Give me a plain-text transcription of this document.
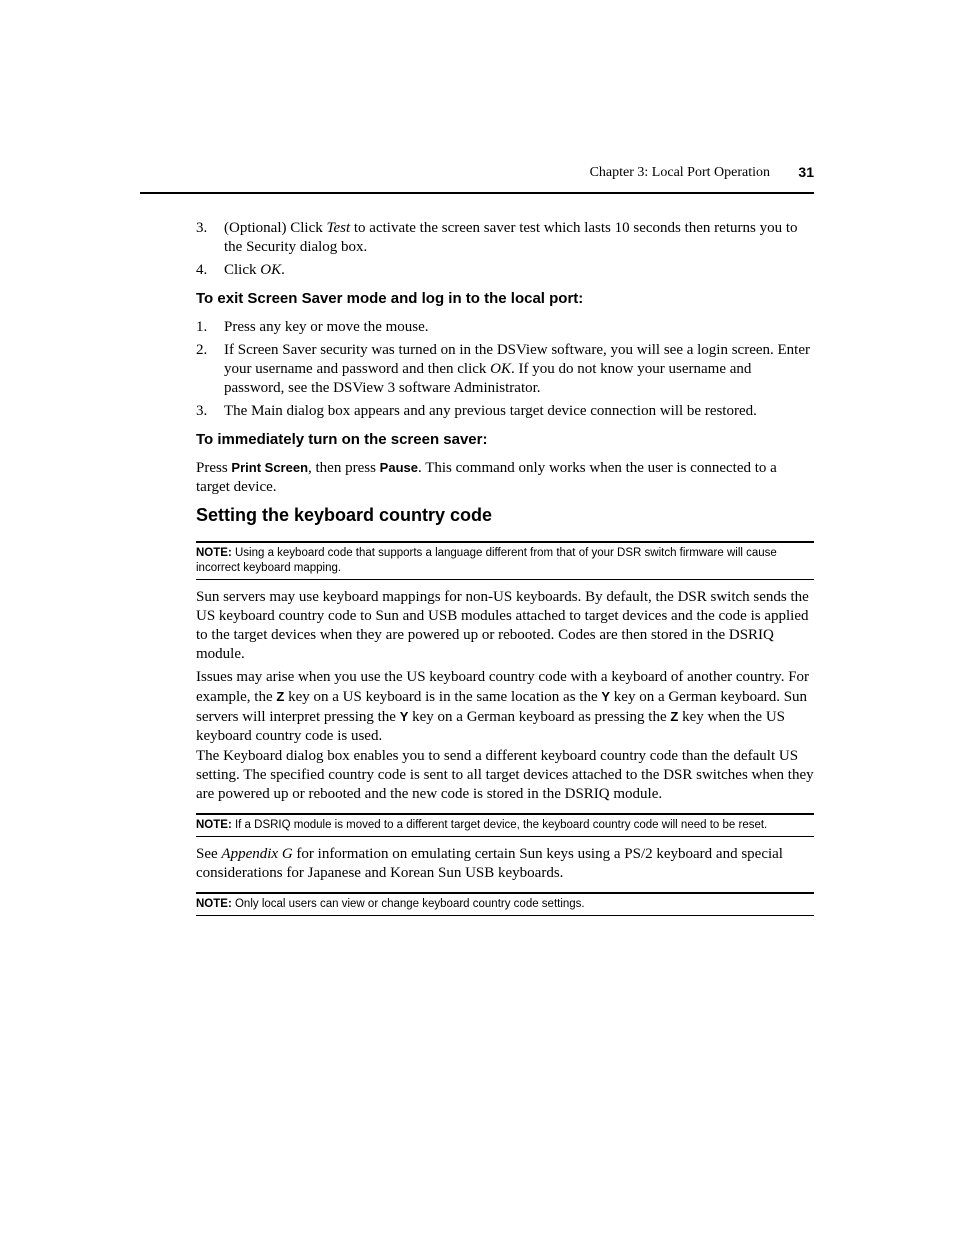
Chapter 3: Local Port Operation 31
3. (Optional) Click Test to activate the screen saver test which lasts 10 seconds then returns you to the Security dialog box.
4. Click OK.
To exit Screen Saver mode and log in to the local port:
1. Press any key or move the mouse.
2. If Screen Saver security was turned on in the DSView software, you will see a login screen. Enter your username and password and then click OK. If you do not know your username and password, see the DSView 3 software Administrator.
3. The Main dialog box appears and any previous target device connection will be restored.
To immediately turn on the screen saver:
Press Print Screen, then press Pause. This command only works when the user is connected to a target device.
Setting the keyboard country code
NOTE: Using a keyboard code that supports a language different from that of your DSR switch firmware will cause incorrect keyboard mapping.
Sun servers may use keyboard mappings for non-US keyboards. By default, the DSR switch sends the US keyboard country code to Sun and USB modules attached to target devices and the code is applied to the target devices when they are powered up or rebooted. Codes are then stored in the DSRIQ module.
Issues may arise when you use the US keyboard country code with a keyboard of another country. For example, the Z key on a US keyboard is in the same location as the Y key on a German keyboard. Sun servers will interpret pressing the Y key on a German keyboard as pressing the Z key when the US keyboard country code is used.
The Keyboard dialog box enables you to send a different keyboard country code than the default US setting. The specified country code is sent to all target devices attached to the DSR switches when they are powered up or rebooted and the new code is stored in the DSRIQ module.
NOTE: If a DSRIQ module is moved to a different target device, the keyboard country code will need to be reset.
See Appendix G for information on emulating certain Sun keys using a PS/2 keyboard and special considerations for Japanese and Korean Sun USB keyboards.
NOTE: Only local users can view or change keyboard country code settings.
